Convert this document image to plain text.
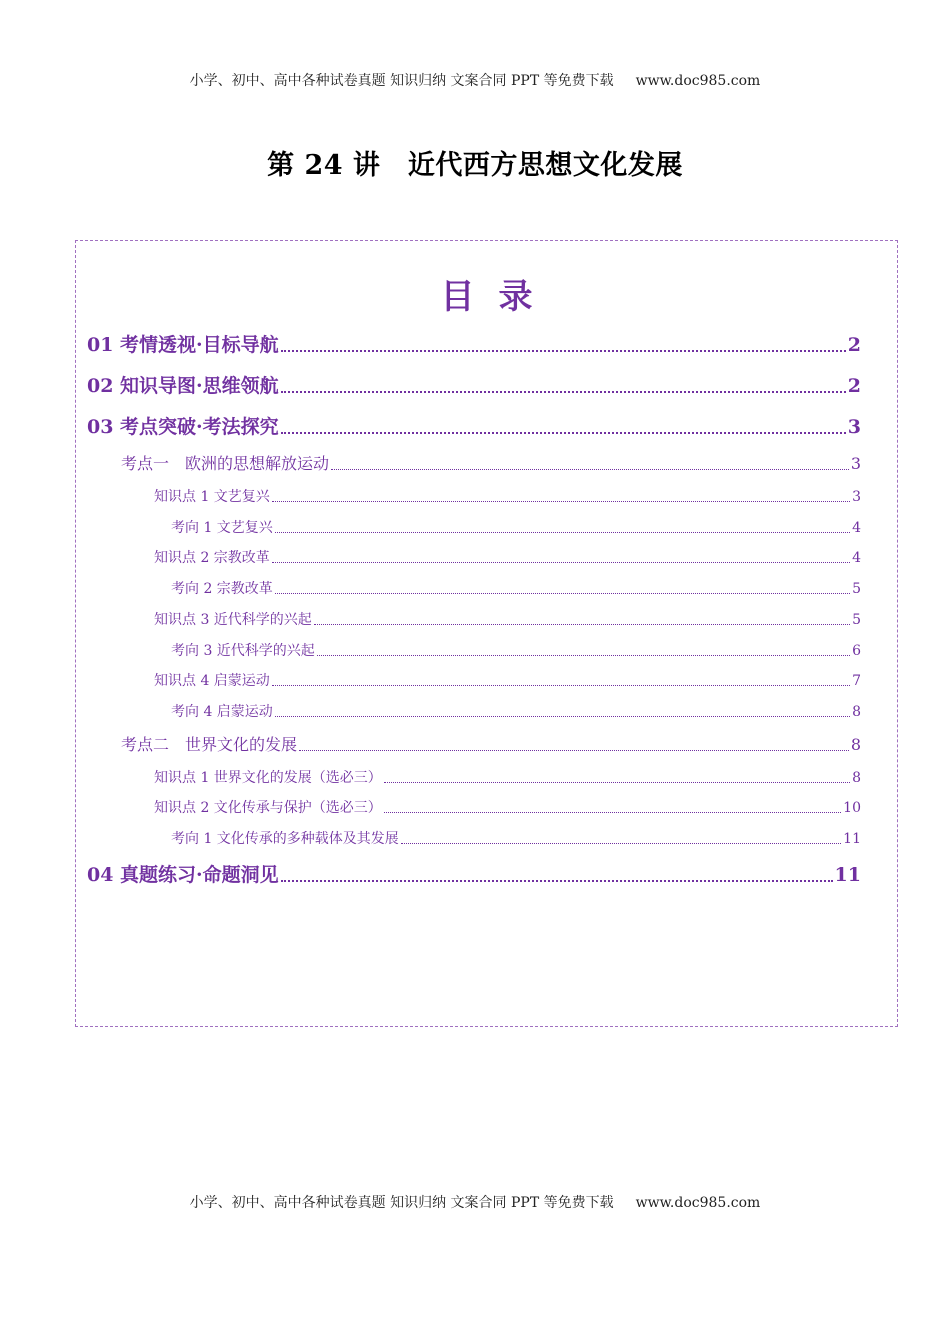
小学、初中、高中各种试卷真题 知识归纳 文案合同 PPT 等免费下载 www.doc985.com
第 24 讲　近代西方思想文化发展
目录
01 考情透视·目标导航	2
02 知识导图·思维领航	2
03 考点突破·考法探究	3
考点一　欧洲的思想解放运动	3
知识点 1 文艺复兴	3
考向 1 文艺复兴	4
知识点 2 宗教改革	4
考向 2 宗教改革	5
知识点 3 近代科学的兴起	5
考向 3 近代科学的兴起	6
知识点 4 启蒙运动	7
考向 4 启蒙运动	8
考点二　世界文化的发展	8
知识点 1 世界文化的发展（选必三）	8
知识点 2 文化传承与保护（选必三）	10
考向 1 文化传承的多种载体及其发展	11
04 真题练习·命题洞见	11
小学、初中、高中各种试卷真题 知识归纳 文案合同 PPT 等免费下载 www.doc985.com
